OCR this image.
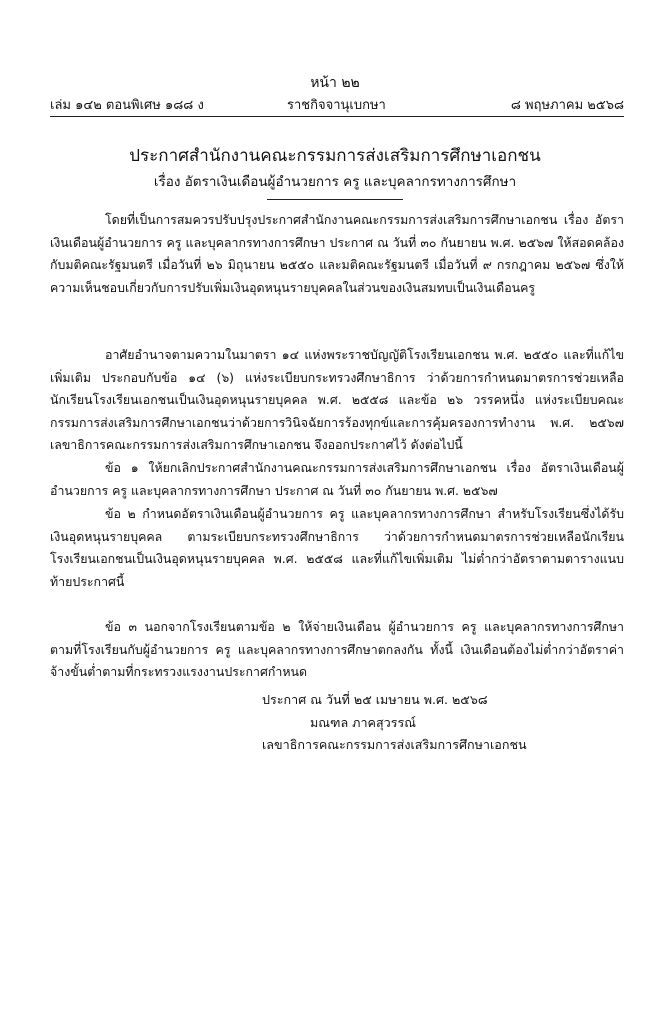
หน้า ๒๒
เล่ม ๑๔๒ ตอนพิเศษ ๑๘๘ ง	ราชกิจจานุเบกษา	๘ พฤษภาคม ๒๕๖๘
ประกาศสำนักงานคณะกรรมการส่งเสริมการศึกษาเอกชน
เรื่อง อัตราเงินเดือนผู้อำนวยการ ครู และบุคลากรทางการศึกษา

โดยที่เป็นการสมควรปรับปรุงประกาศสำนักงานคณะกรรมการส่งเสริมการศึกษาเอกชน เรื่อง อัตราเงินเดือนผู้อำนวยการ ครู และบุคลากรทางการศึกษา ประกาศ ณ วันที่ ๓๐ กันยายน พ.ศ. ๒๕๖๗ ให้สอดคล้องกับมติคณะรัฐมนตรี เมื่อวันที่ ๒๖ มิถุนายน ๒๕๕๐ และมติคณะรัฐมนตรี เมื่อวันที่ ๙ กรกฎาคม ๒๕๖๗ ซึ่งให้ความเห็นชอบเกี่ยวกับการปรับเพิ่มเงินอุดหนุนรายบุคคลในส่วนของเงินสมทบเป็นเงินเดือนครู

อาศัยอำนาจตามความในมาตรา ๑๔ แห่งพระราชบัญญัติโรงเรียนเอกชน พ.ศ. ๒๕๕๐ และที่แก้ไขเพิ่มเติม ประกอบกับข้อ ๑๔ (๖) แห่งระเบียบกระทรวงศึกษาธิการ ว่าด้วยการกำหนดมาตรการช่วยเหลือนักเรียนโรงเรียนเอกชนเป็นเงินอุดหนุนรายบุคคล พ.ศ. ๒๕๕๘ และข้อ ๒๖ วรรคหนึ่ง แห่งระเบียบคณะกรรมการส่งเสริมการศึกษาเอกชนว่าด้วยการวินิจฉัยการร้องทุกข์และการคุ้มครองการทำงาน พ.ศ. ๒๕๖๗ เลขาธิการคณะกรรมการส่งเสริมการศึกษาเอกชน จึงออกประกาศไว้ ดังต่อไปนี้

ข้อ ๑ ให้ยกเลิกประกาศสำนักงานคณะกรรมการส่งเสริมการศึกษาเอกชน เรื่อง อัตราเงินเดือนผู้อำนวยการ ครู และบุคลากรทางการศึกษา ประกาศ ณ วันที่ ๓๐ กันยายน พ.ศ. ๒๕๖๗

ข้อ ๒ กำหนดอัตราเงินเดือนผู้อำนวยการ ครู และบุคลากรทางการศึกษา สำหรับโรงเรียนซึ่งได้รับเงินอุดหนุนรายบุคคล ตามระเบียบกระทรวงศึกษาธิการ ว่าด้วยการกำหนดมาตรการช่วยเหลือนักเรียนโรงเรียนเอกชนเป็นเงินอุดหนุนรายบุคคล พ.ศ. ๒๕๕๘ และที่แก้ไขเพิ่มเติม ไม่ต่ำกว่าอัตราตามตารางแนบท้ายประกาศนี้

ข้อ ๓ นอกจากโรงเรียนตามข้อ ๒ ให้จ่ายเงินเดือน ผู้อำนวยการ ครู และบุคลากรทางการศึกษา ตามที่โรงเรียนกับผู้อำนวยการ ครู และบุคลากรทางการศึกษาตกลงกัน ทั้งนี้ เงินเดือนต้องไม่ต่ำกว่าอัตราค่าจ้างขั้นต่ำตามที่กระทรวงแรงงานประกาศกำหนด

ประกาศ ณ วันที่ ๒๕ เมษายน พ.ศ. ๒๕๖๘
มณฑล ภาคสุวรรณ์
เลขาธิการคณะกรรมการส่งเสริมการศึกษาเอกชน
